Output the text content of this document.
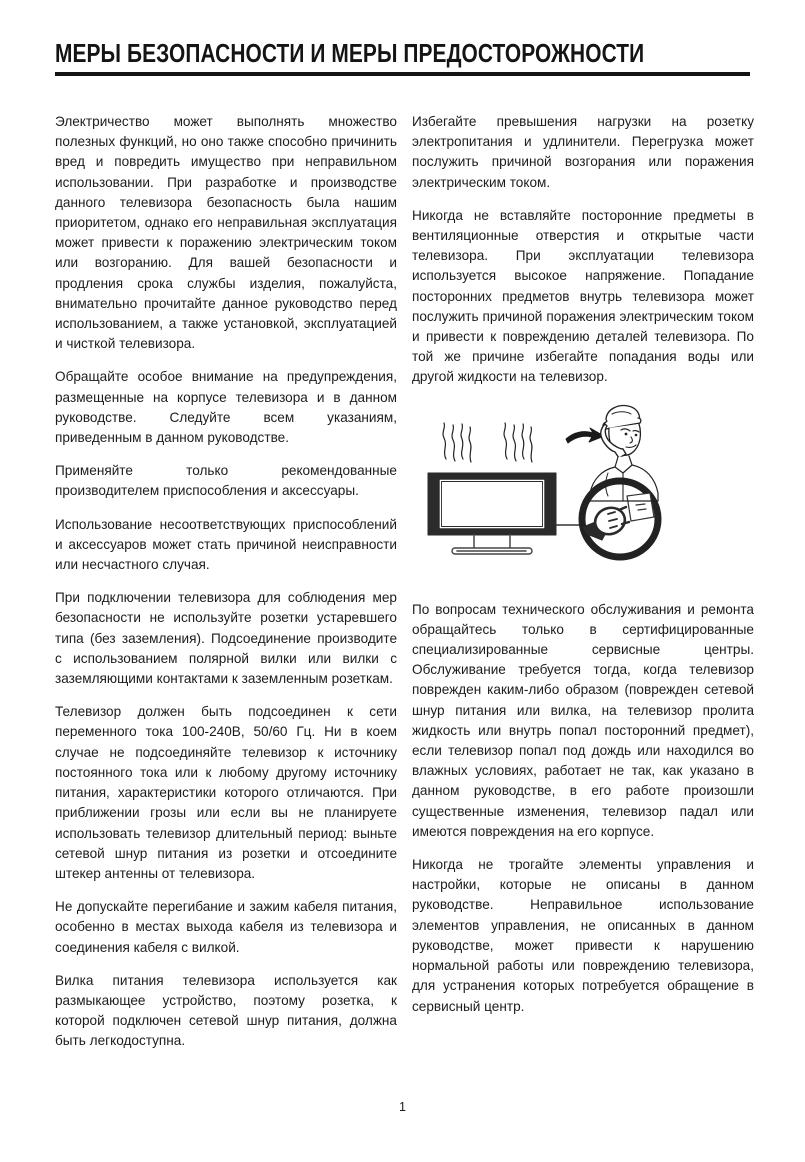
МЕРЫ БЕЗОПАСНОСТИ И МЕРЫ ПРЕДОСТОРОЖНОСТИ

Электричество может выполнять множество полезных функций, но оно также способно причинить вред и повредить имущество при неправильном использовании. При разработке и производстве данного телевизора безопасность была нашим приоритетом, однако его неправильная эксплуатация может привести к поражению электрическим током или возгоранию. Для вашей безопасности и продления срока службы изделия, пожалуйста, внимательно прочитайте данное руководство перед использованием, а также установкой, эксплуатацией и чисткой телевизора.

Обращайте особое внимание на предупреждения, размещенные на корпусе телевизора и в данном руководстве. Следуйте всем указаниям, приведенным в данном руководстве.

Применяйте только рекомендованные производителем приспособления и аксессуары.

Использование несоответствующих приспособлений и аксессуаров может стать причиной неисправности или несчастного случая.

При подключении телевизора для соблюдения мер безопасности не используйте розетки устаревшего типа (без заземления). Подсоединение производите с использованием полярной вилки или вилки с заземляющими контактами к заземленным розеткам.

Телевизор должен быть подсоединен к сети переменного тока 100-240В, 50/60 Гц. Ни в коем случае не подсоединяйте телевизор к источнику постоянного тока или к любому другому источнику питания, характеристики которого отличаются. При приближении грозы или если вы не планируете использовать телевизор длительный период: выньте сетевой шнур питания из розетки и отсоедините штекер антенны от телевизора.

Не допускайте перегибание и зажим кабеля питания, особенно в местах выхода кабеля из телевизора и соединения кабеля с вилкой.

Вилка питания телевизора используется как размыкающее устройство, поэтому розетка, к которой подключен сетевой шнур питания, должна быть легкодоступна.

Избегайте превышения нагрузки на розетку электропитания и удлинители. Перегрузка может послужить причиной возгорания или поражения электрическим током.

Никогда не вставляйте посторонние предметы в вентиляционные отверстия и открытые части телевизора. При эксплуатации телевизора используется высокое напряжение. Попадание посторонних предметов внутрь телевизора может послужить причиной поражения электрическим током и привести к повреждению деталей телевизора. По той же причине избегайте попадания воды или другой жидкости на телевизор.

По вопросам технического обслуживания и ремонта обращайтесь только в сертифицированные специализированные сервисные центры. Обслуживание требуется тогда, когда телевизор поврежден каким-либо образом (поврежден сетевой шнур питания или вилка, на телевизор пролита жидкость или внутрь попал посторонний предмет), если телевизор попал под дождь или находился во влажных условиях, работает не так, как указано в данном руководстве, в его работе произошли существенные изменения, телевизор падал или имеются повреждения на его корпусе.

Никогда не трогайте элементы управления и настройки, которые не описаны в данном руководстве. Неправильное использование элементов управления, не описанных в данном руководстве, может привести к нарушению нормальной работы или повреждению телевизора, для устранения которых потребуется обращение в сервисный центр.

1
